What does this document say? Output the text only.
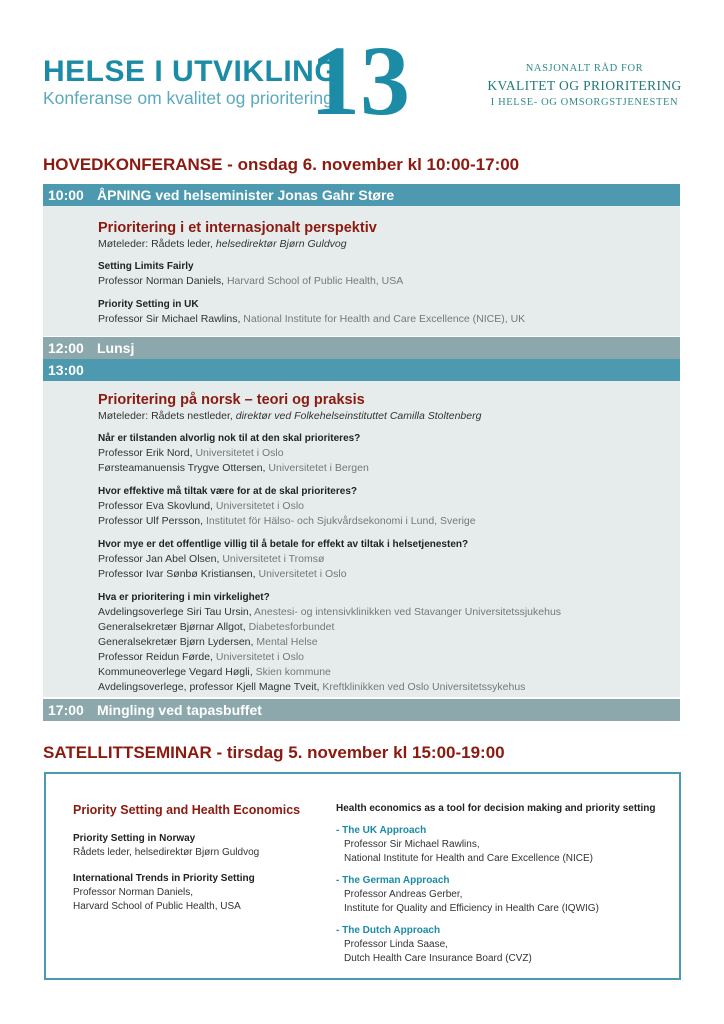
HELSE I UTVIKLING
Konferanse om kvalitet og prioritering
13	NASJONALT RÅD FOR
KVALITET OG PRIORITERING
I HELSE- OG OMSORGSTJENESTEN
HOVEDKONFERANSE - onsdag 6. november kl 10:00-17:00
10:00 ÅPNING ved helseminister Jonas Gahr Støre
Prioritering i et internasjonalt perspektiv
Møteleder: Rådets leder, helsedirektør Bjørn Guldvog
Setting Limits Fairly
Professor Norman Daniels, Harvard School of Public Health, USA
Priority Setting in UK
Professor Sir Michael Rawlins, National Institute for Health and Care Excellence (NICE), UK
12:00 Lunsj
13:00
Prioritering på norsk – teori og praksis
Møteleder: Rådets nestleder, direktør ved Folkehelseinstituttet Camilla Stoltenberg
Når er tilstanden alvorlig nok til at den skal prioriteres?
Professor Erik Nord, Universitetet i Oslo
Førsteamanuensis Trygve Ottersen, Universitetet i Bergen
Hvor effektive må tiltak være for at de skal prioriteres?
Professor Eva Skovlund, Universitetet i Oslo
Professor Ulf Persson, Institutet för Hälso- och Sjukvårdsekonomi i Lund, Sverige
Hvor mye er det offentlige villig til å betale for effekt av tiltak i helsetjenesten?
Professor Jan Abel Olsen, Universitetet i Tromsø
Professor Ivar Sønbø Kristiansen, Universitetet i Oslo
Hva er prioritering i min virkelighet?
Avdelingsoverlege Siri Tau Ursin, Anestesi- og intensivklinikken ved Stavanger Universitetssjukehus
Generalsekretær Bjørnar Allgot, Diabetesforbundet
Generalsekretær Bjørn Lydersen, Mental Helse
Professor Reidun Førde, Universitetet i Oslo
Kommuneoverlege Vegard Høgli, Skien kommune
Avdelingsoverlege, professor Kjell Magne Tveit, Kreftklinikken ved Oslo Universitetssykehus
17:00 Mingling ved tapasbuffet
SATELLITTSEMINAR - tirsdag 5. november kl 15:00-19:00
Priority Setting and Health Economics
Priority Setting in Norway
Rådets leder, helsedirektør Bjørn Guldvog
International Trends in Priority Setting
Professor Norman Daniels,
Harvard School of Public Health, USA
Health economics as a tool for decision making and priority setting
- The UK Approach
Professor Sir Michael Rawlins,
National Institute for Health and Care Excellence (NICE)
- The German Approach
Professor Andreas Gerber,
Institute for Quality and Efficiency in Health Care (IQWIG)
- The Dutch Approach
Professor Linda Saase,
Dutch Health Care Insurance Board (CVZ)
